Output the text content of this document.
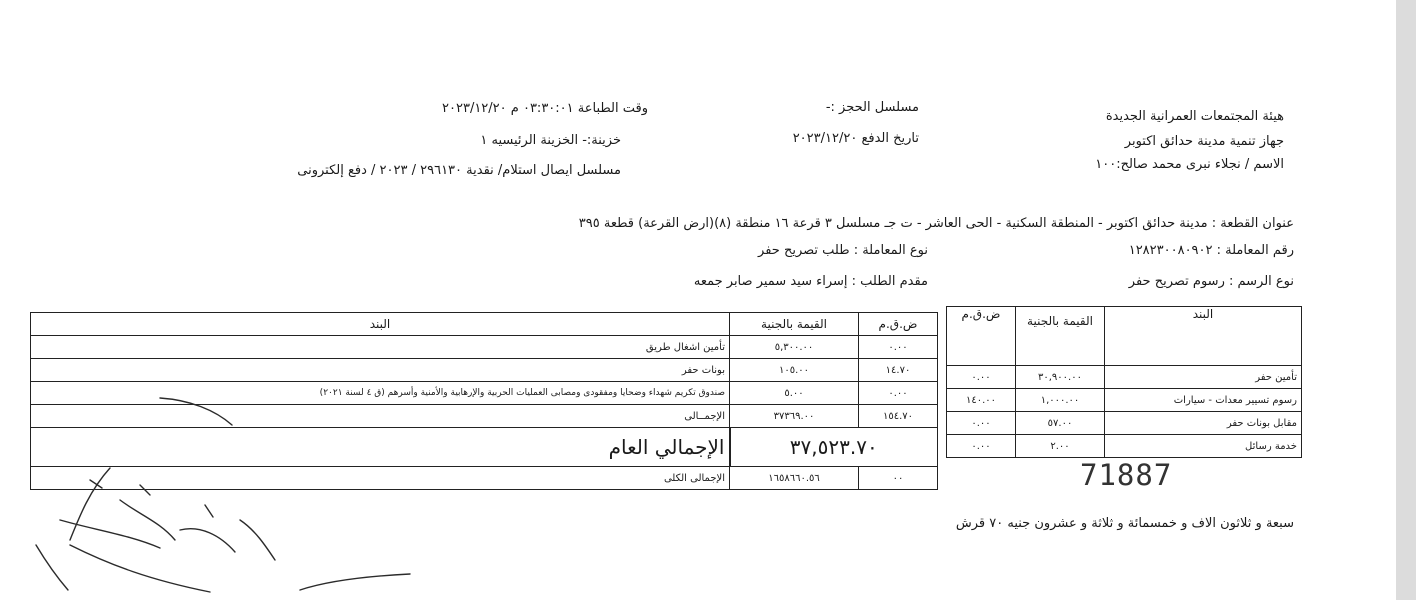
هيئة المجتمعات العمرانية الجديدة
جهاز تنمية مدينة حدائق اكتوبر
الاسم / نجلاء نبرى محمد صالح:١٠٠
مسلسل الحجز :-
تاريخ الدفع ٢٠٢٣/١٢/٢٠
وقت الطباعة ٠٣:٣٠:٠١ م ٢٠٢٣/١٢/٢٠
خزينة:- الخزينة الرئيسيه ١
مسلسل ايصال استلام/ نقدية ٢٩٦١٣٠ / ٢٠٢٣ / دفع إلكترونى
عنوان القطعة : مدينة حدائق اكتوبر - المنطقة السكنية - الحى العاشر - ت جـ مسلسل ٣ قرعة ١٦ منطقة (٨)(ارض القرعة) قطعة ٣٩٥
رقم المعاملة : ١٢٨٢٣٠٠٨٠٩٠٢
نوع المعاملة : طلب تصريح حفر
نوع الرسم : رسوم تصريح حفر
مقدم الطلب : إسراء سيد سمير صابر جمعه
البند	القيمة بالجنية	ض.ق.م
تأمين حفر	٣٠,٩٠٠.٠٠	٠.٠٠
رسوم تسيير معدات - سيارات	١,٠٠٠.٠٠	١٤٠.٠٠
مقابل بونات حفر	٥٧.٠٠	٠.٠٠
خدمة رسائل	٢.٠٠	٠.٠٠
ض.ق.م	القيمة بالجنية	البند
٠.٠٠	٥,٣٠٠.٠٠	تأمين اشغال طريق
١٤.٧٠	١٠٥.٠٠	بونات حفر
٠.٠٠	٥.٠٠	صندوق تكريم شهداء وضحايا ومفقودى ومصابى العمليات الحربية والإرهابية والأمنية وأسرهم (ق ٤ لسنة ٢٠٢١)
١٥٤.٧٠	٣٧٣٦٩.٠٠	الإجمــالى
٣٧,٥٢٣.٧٠		الإجمالي العام
٠٠	١٦٥٨٦٦٠.٥٦	الإجمالى الكلى
سبعة و ثلاثون الاف و خمسمائة و ثلاثة و عشرون جنيه ٧٠ قرش
71887
